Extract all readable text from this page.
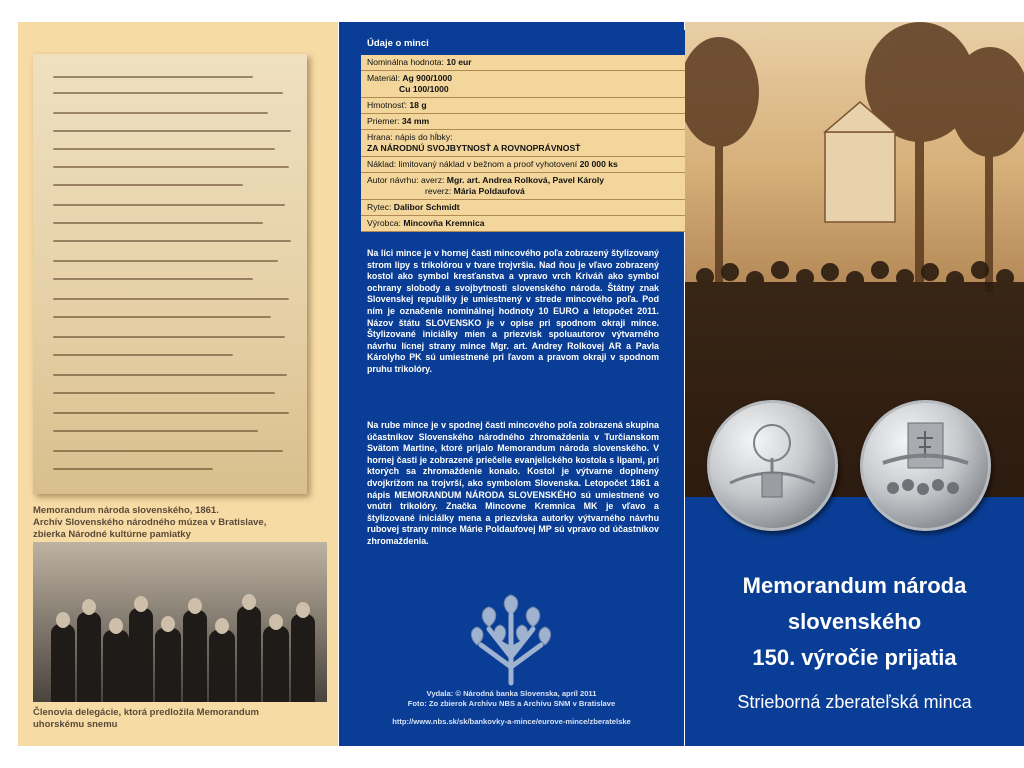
Memorandum národa slovenského, 1861.
Archív Slovenského národného múzea v Bratislave,
zbierka Národné kultúrne pamiatky
Členovia delegácie, ktorá predložila Memorandum
uhorskému snemu
Údaje o minci
Nominálna hodnota: 10 eur
Materiál: Ag 900/1000
Cu 100/1000
Hmotnosť: 18 g
Priemer: 34 mm
Hrana: nápis do hĺbky:
ZA NÁRODNÚ SVOJBYTNOSŤ A ROVNOPRÁVNOSŤ
Náklad: limitovaný náklad v bežnom a proof vyhotovení 20 000 ks
Autor návrhu: averz: Mgr. art. Andrea Rolková, Pavel Károly
reverz: Mária Poldaufová
Rytec: Dalibor Schmidt
Výrobca: Mincovňa Kremnica
Na líci mince je v hornej časti mincového poľa zobrazený štylizovaný strom lipy s trikolórou v tvare trojvršia. Nad ňou je vľavo zobrazený kostol ako symbol kresťanstva a vpravo vrch Kriváň ako symbol ochrany slobody a svojbytnosti slovenského národa. Štátny znak Slovenskej republiky je umiestnený v strede mincového poľa. Pod ním je označenie nominálnej hodnoty 10 EURO a letopočet 2011. Názov štátu SLOVENSKO je v opise pri spodnom okraji mince. Štylizované iniciálky mien a priezvisk spoluautorov výtvarného návrhu lícnej strany mince Mgr. art. Andrey Rolkovej AR a Pavla Károlyho PK sú umiestnené pri ľavom a pravom okraji v spodnom pruhu trikolóry.
Na rube mince je v spodnej časti mincového poľa zobrazená skupina účastníkov Slovenského národného zhromaždenia v Turčianskom Svätom Martine, ktoré prijalo Memorandum národa slovenského. V hornej časti je zobrazené priečelie evanjelického kostola s lipami, pri ktorých sa zhromaždenie konalo. Kostol je výtvarne doplnený dvojkrížom na trojvrší, ako symbolom Slovenska. Letopočet 1861 a nápis MEMORANDUM NÁRODA SLOVENSKÉHO sú umiestnené vo vnútri trikolóry. Značka Mincovne Kremnica MK je vľavo a štylizované iniciálky mena a priezviska autorky výtvarného návrhu rubovej strany mince Márie Poldaufovej MP sú vpravo od účastníkov zhromaždenia.
Vydala: © Národná banka Slovenska, apríl 2011
Foto: Zo zbierok Archívu NBS a Archívu SNM v Bratislave
http://www.nbs.sk/sk/bankovky-a-mince/eurove-mince/zberatelske
Memorandum národa
slovenského
150. výročie prijatia
Strieborná zberateľská minca
